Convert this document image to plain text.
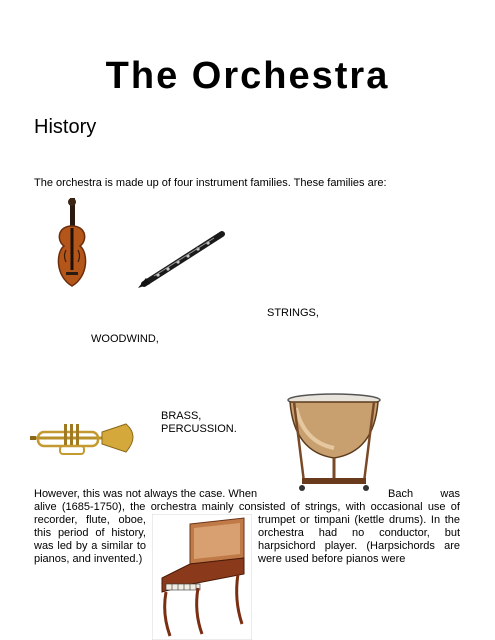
The Orchestra
History
The orchestra is made up of four instrument families. These families are:
STRINGS,
WOODWIND,
BRASS,
PERCUSSION.
However, this was not always the case. When	Bach was
alive (1685-1750), the orchestra mainly consisted of strings, with occasional use of
recorder, flute, oboe, this period of history, was led by a similar to pianos, and invented.)
trumpet or timpani (kettle drums). In the orchestra had no conductor, but harpsichord player. (Harpsichords are were used before pianos were
